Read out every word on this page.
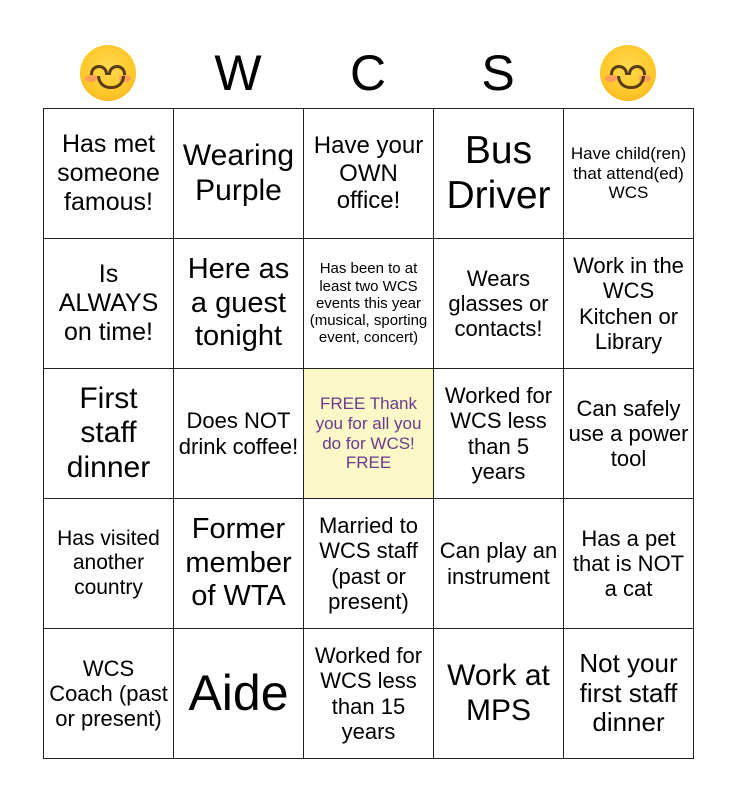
W	C	S
Has met someone famous!	Wearing Purple	Have your OWN office!	Bus Driver	Have child(ren) that attend(ed) WCS
Is ALWAYS on time!	Here as a guest tonight	Has been to at least two WCS events this year (musical, sporting event, concert)	Wears glasses or contacts!	Work in the WCS Kitchen or Library
First staff dinner	Does NOT drink coffee!	FREE Thank you for all you do for WCS! FREE	Worked for WCS less than 5 years	Can safely use a power tool
Has visited another country	Former member of WTA	Married to WCS staff (past or present)	Can play an instrument	Has a pet that is NOT a cat
WCS Coach (past or present)	Aide	Worked for WCS less than 15 years	Work at MPS	Not your first staff dinner
